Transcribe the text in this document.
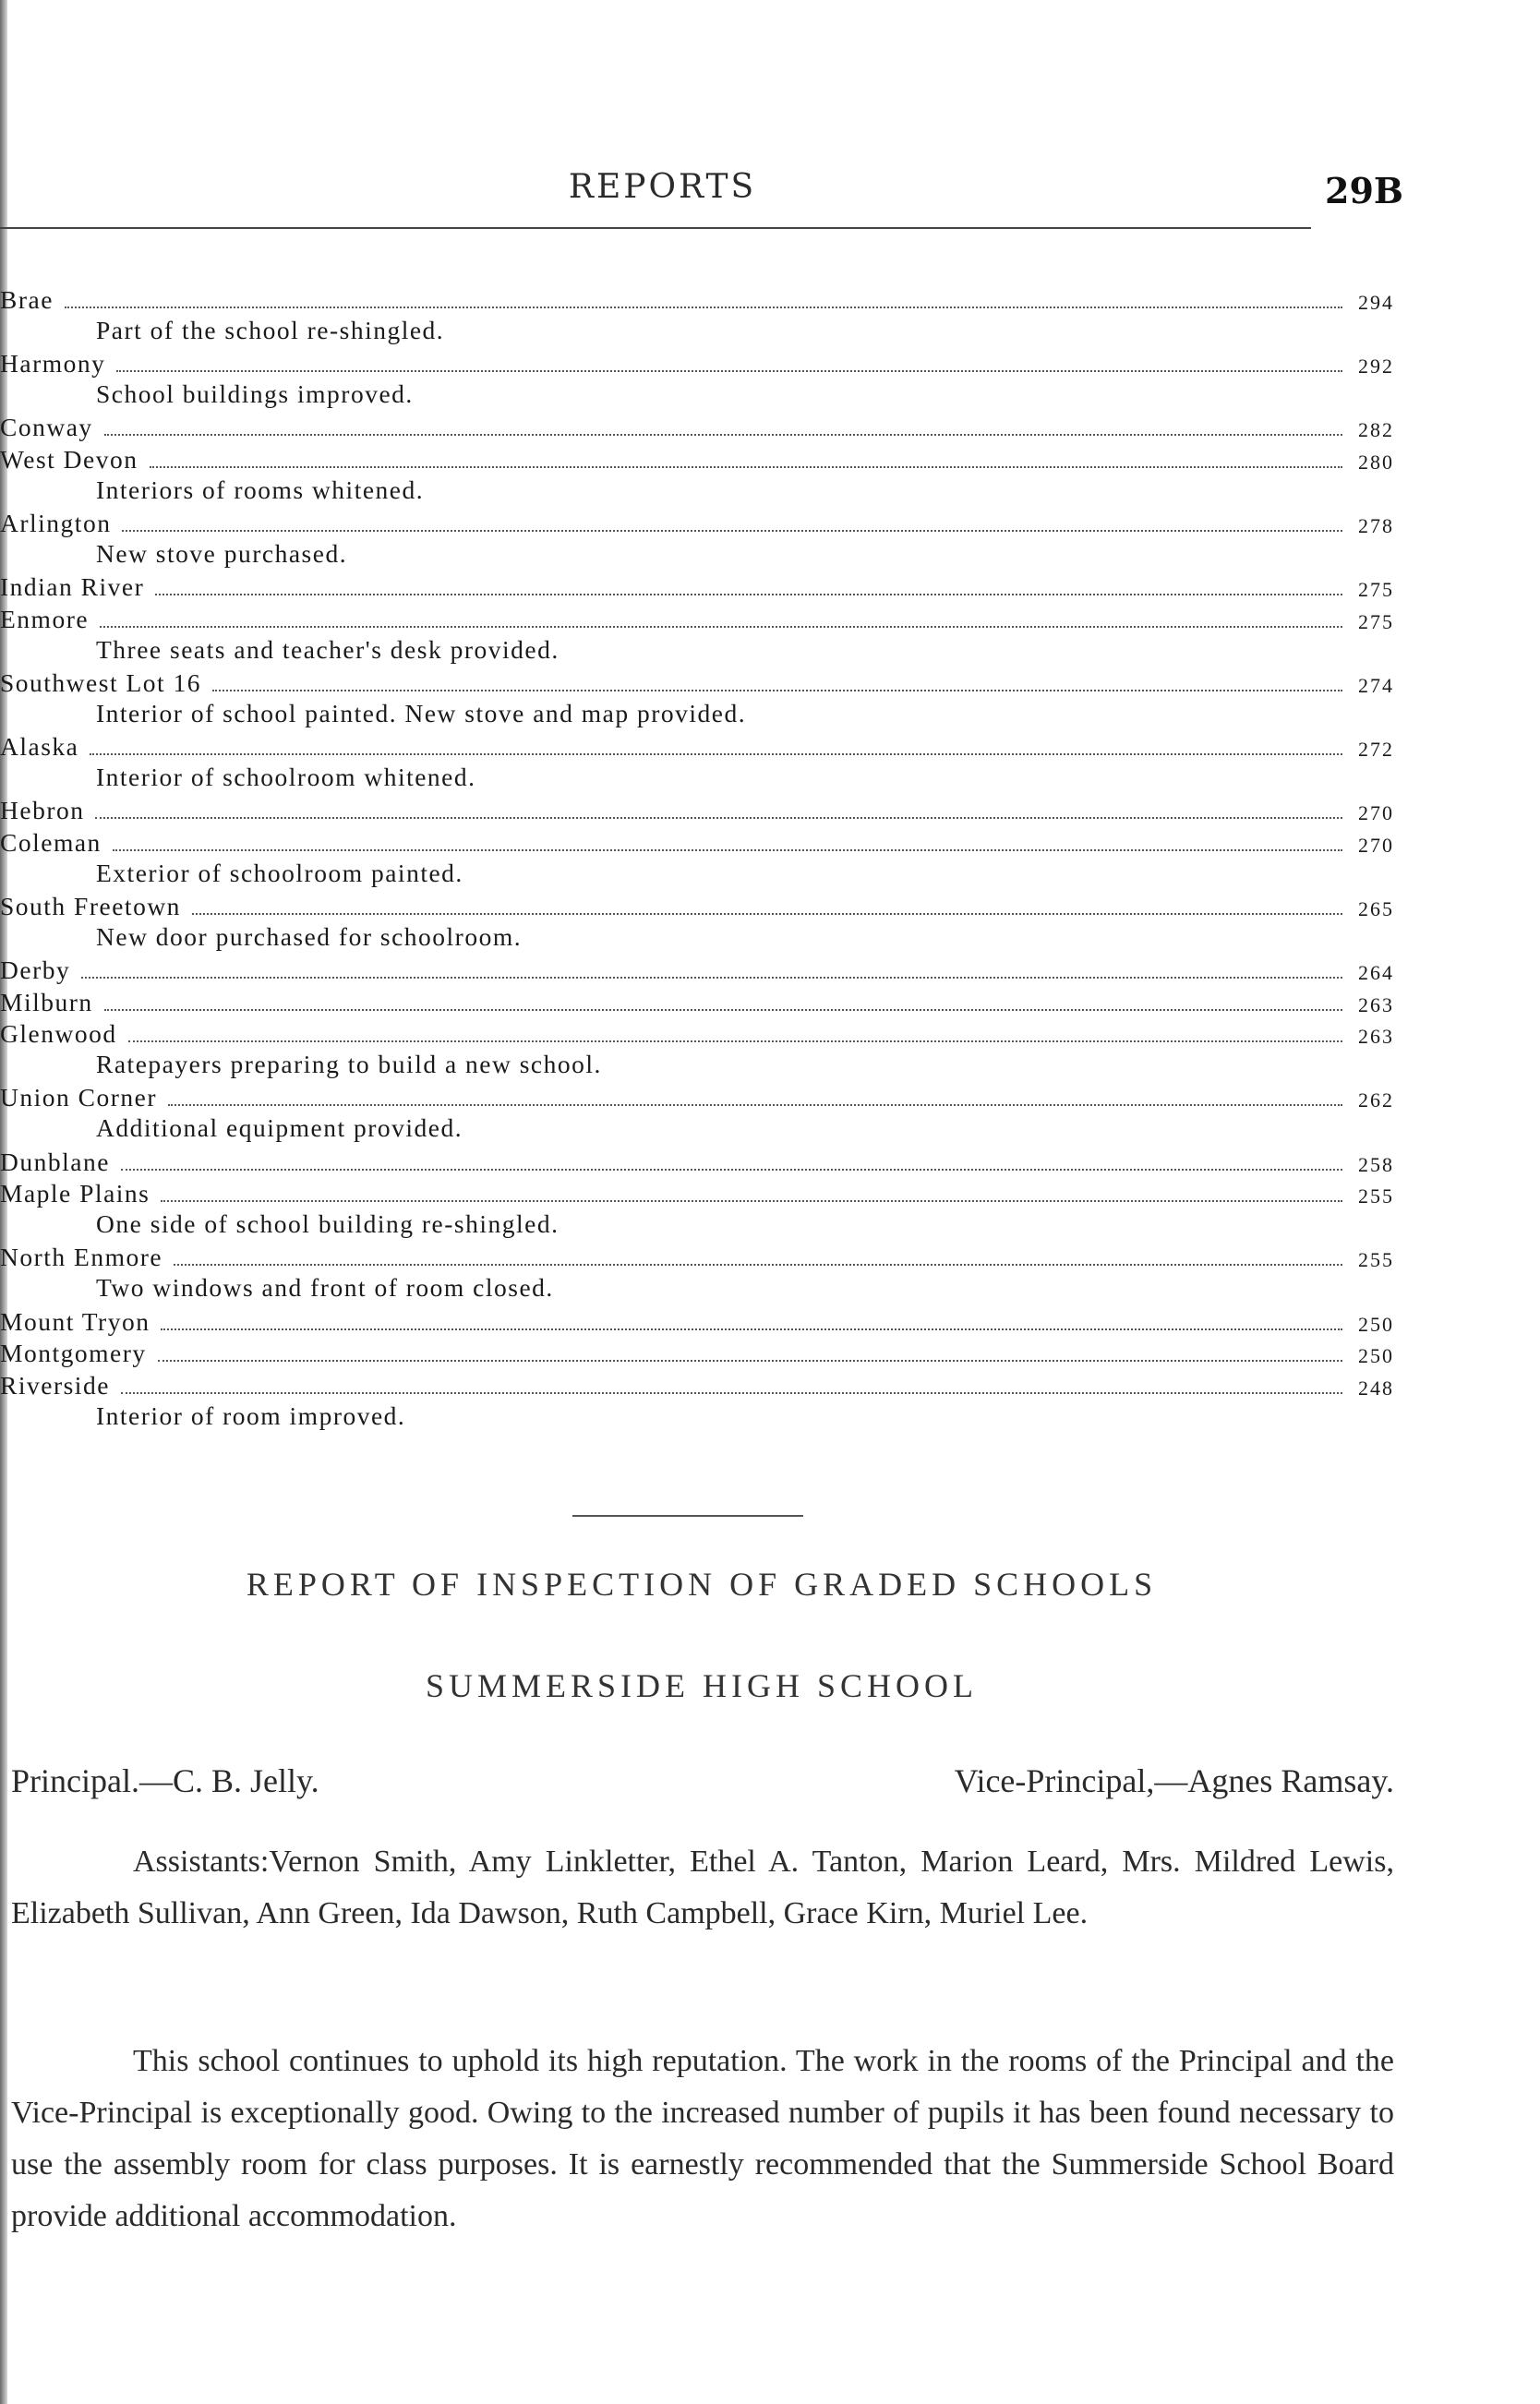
REPORTS	29B
Brae	294
Part of the school re-shingled.
Harmony	292
School buildings improved.
Conway	282
West Devon	280
Interiors of rooms whitened.
Arlington	278
New stove purchased.
Indian River	275
Enmore	275
Three seats and teacher's desk provided.
Southwest Lot 16	274
Interior of school painted. New stove and map provided.
Alaska	272
Interior of schoolroom whitened.
Hebron	270
Coleman	270
Exterior of schoolroom painted.
South Freetown	265
New door purchased for schoolroom.
Derby	264
Milburn	263
Glenwood	263
Ratepayers preparing to build a new school.
Union Corner	262
Additional equipment provided.
Dunblane	258
Maple Plains	255
One side of school building re-shingled.
North Enmore	255
Two windows and front of room closed.
Mount Tryon	250
Montgomery	250
Riverside	248
Interior of room improved.
REPORT OF INSPECTION OF GRADED SCHOOLS
SUMMERSIDE HIGH SCHOOL
Principal.—C. B. Jelly.	Vice-Principal,—Agnes Ramsay.
Assistants:Vernon Smith, Amy Linkletter, Ethel A. Tanton, Marion Leard, Mrs. Mildred Lewis, Elizabeth Sullivan, Ann Green, Ida Dawson, Ruth Campbell, Grace Kirn, Muriel Lee.
This school continues to uphold its high reputation. The work in the rooms of the Principal and the Vice-Principal is exceptionally good. Owing to the increased number of pupils it has been found necessary to use the assembly room for class purposes. It is earnestly recommended that the Summerside School Board provide additional accommodation.
